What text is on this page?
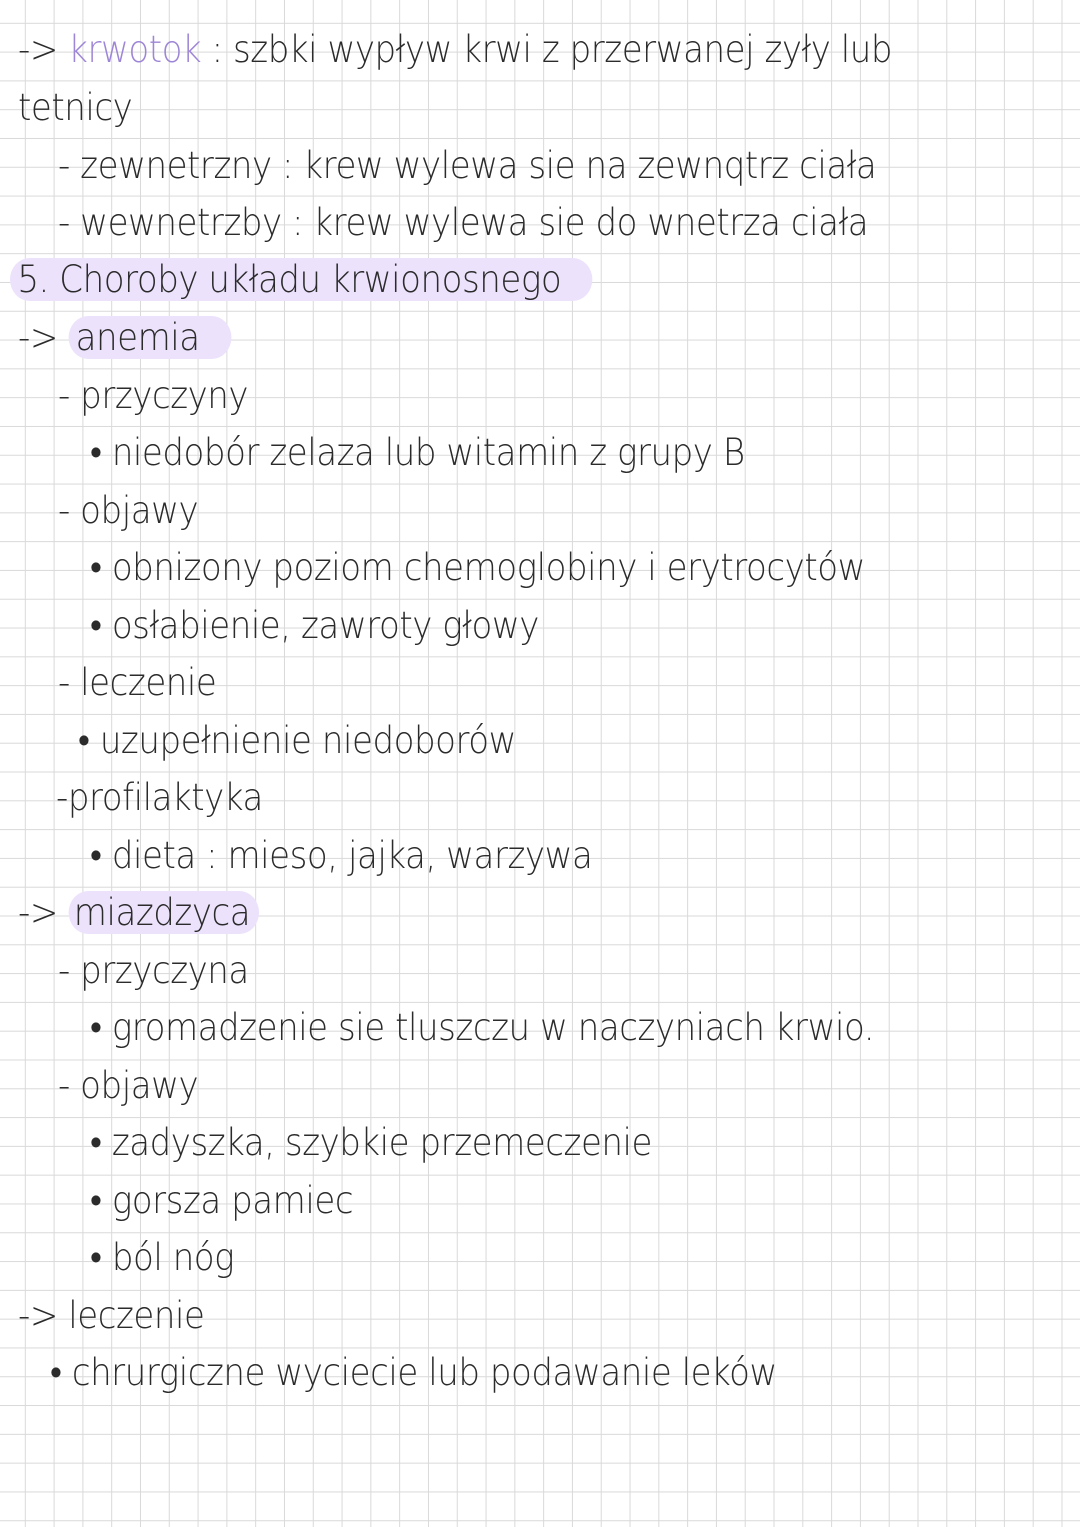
-> krwotok : szbki wypływ krwi z przerwanej zyły lub
tetnicy
- zewnetrzny : krew wylewa sie na zewnqtrz ciała
- wewnetrzby : krew wylewa sie do wnetrza ciała
5. Choroby układu krwionosnego
-> anemia
- przyczyny
• niedobór zelaza lub witamin z grupy B
- objawy
• obnizony poziom chemoglobiny i erytrocytów
• osłabienie, zawroty głowy
- leczenie
• uzupełnienie niedoborów
-profilaktyka
• dieta : mieso, jajka, warzywa
-> miazdzyca
- przyczyna
• gromadzenie sie tluszczu w naczyniach krwio.
- objawy
• zadyszka, szybkie przemeczenie
• gorsza pamiec
• ból nóg
-> leczenie
• chrurgiczne wyciecie lub podawanie leków
